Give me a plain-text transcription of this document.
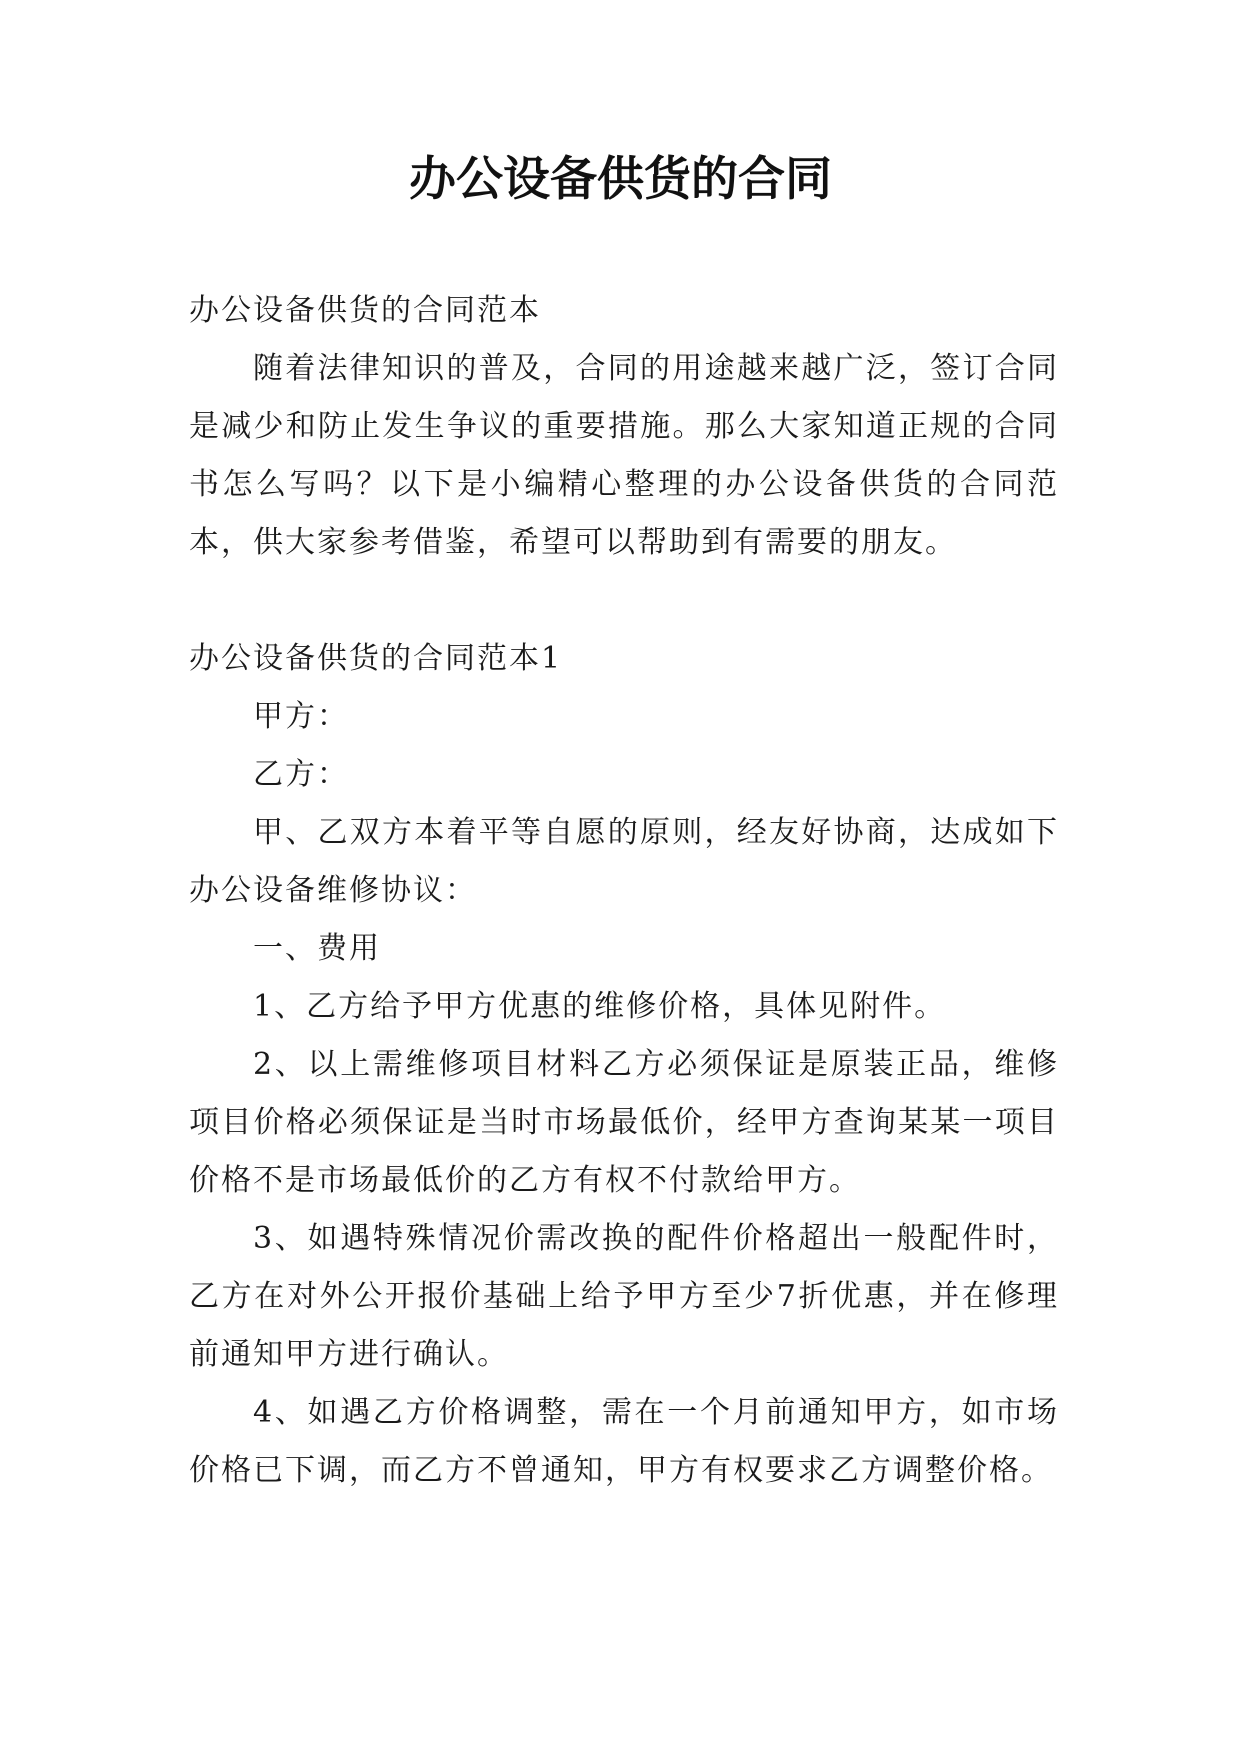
办公设备供货的合同

办公设备供货的合同范本

随着法律知识的普及，合同的用途越来越广泛，签订合同是减少和防止发生争议的重要措施。那么大家知道正规的合同书怎么写吗？以下是小编精心整理的办公设备供货的合同范本，供大家参考借鉴，希望可以帮助到有需要的朋友。

办公设备供货的合同范本1

甲方：

乙方：

甲、乙双方本着平等自愿的原则，经友好协商，达成如下办公设备维修协议：

一、费用

1、乙方给予甲方优惠的维修价格，具体见附件。

2、以上需维修项目材料乙方必须保证是原装正品，维修项目价格必须保证是当时市场最低价，经甲方查询某某一项目价格不是市场最低价的乙方有权不付款给甲方。

3、如遇特殊情况价需改换的配件价格超出一般配件时，乙方在对外公开报价基础上给予甲方至少7折优惠，并在修理前通知甲方进行确认。

4、如遇乙方价格调整，需在一个月前通知甲方，如市场价格已下调，而乙方不曾通知，甲方有权要求乙方调整价格。
